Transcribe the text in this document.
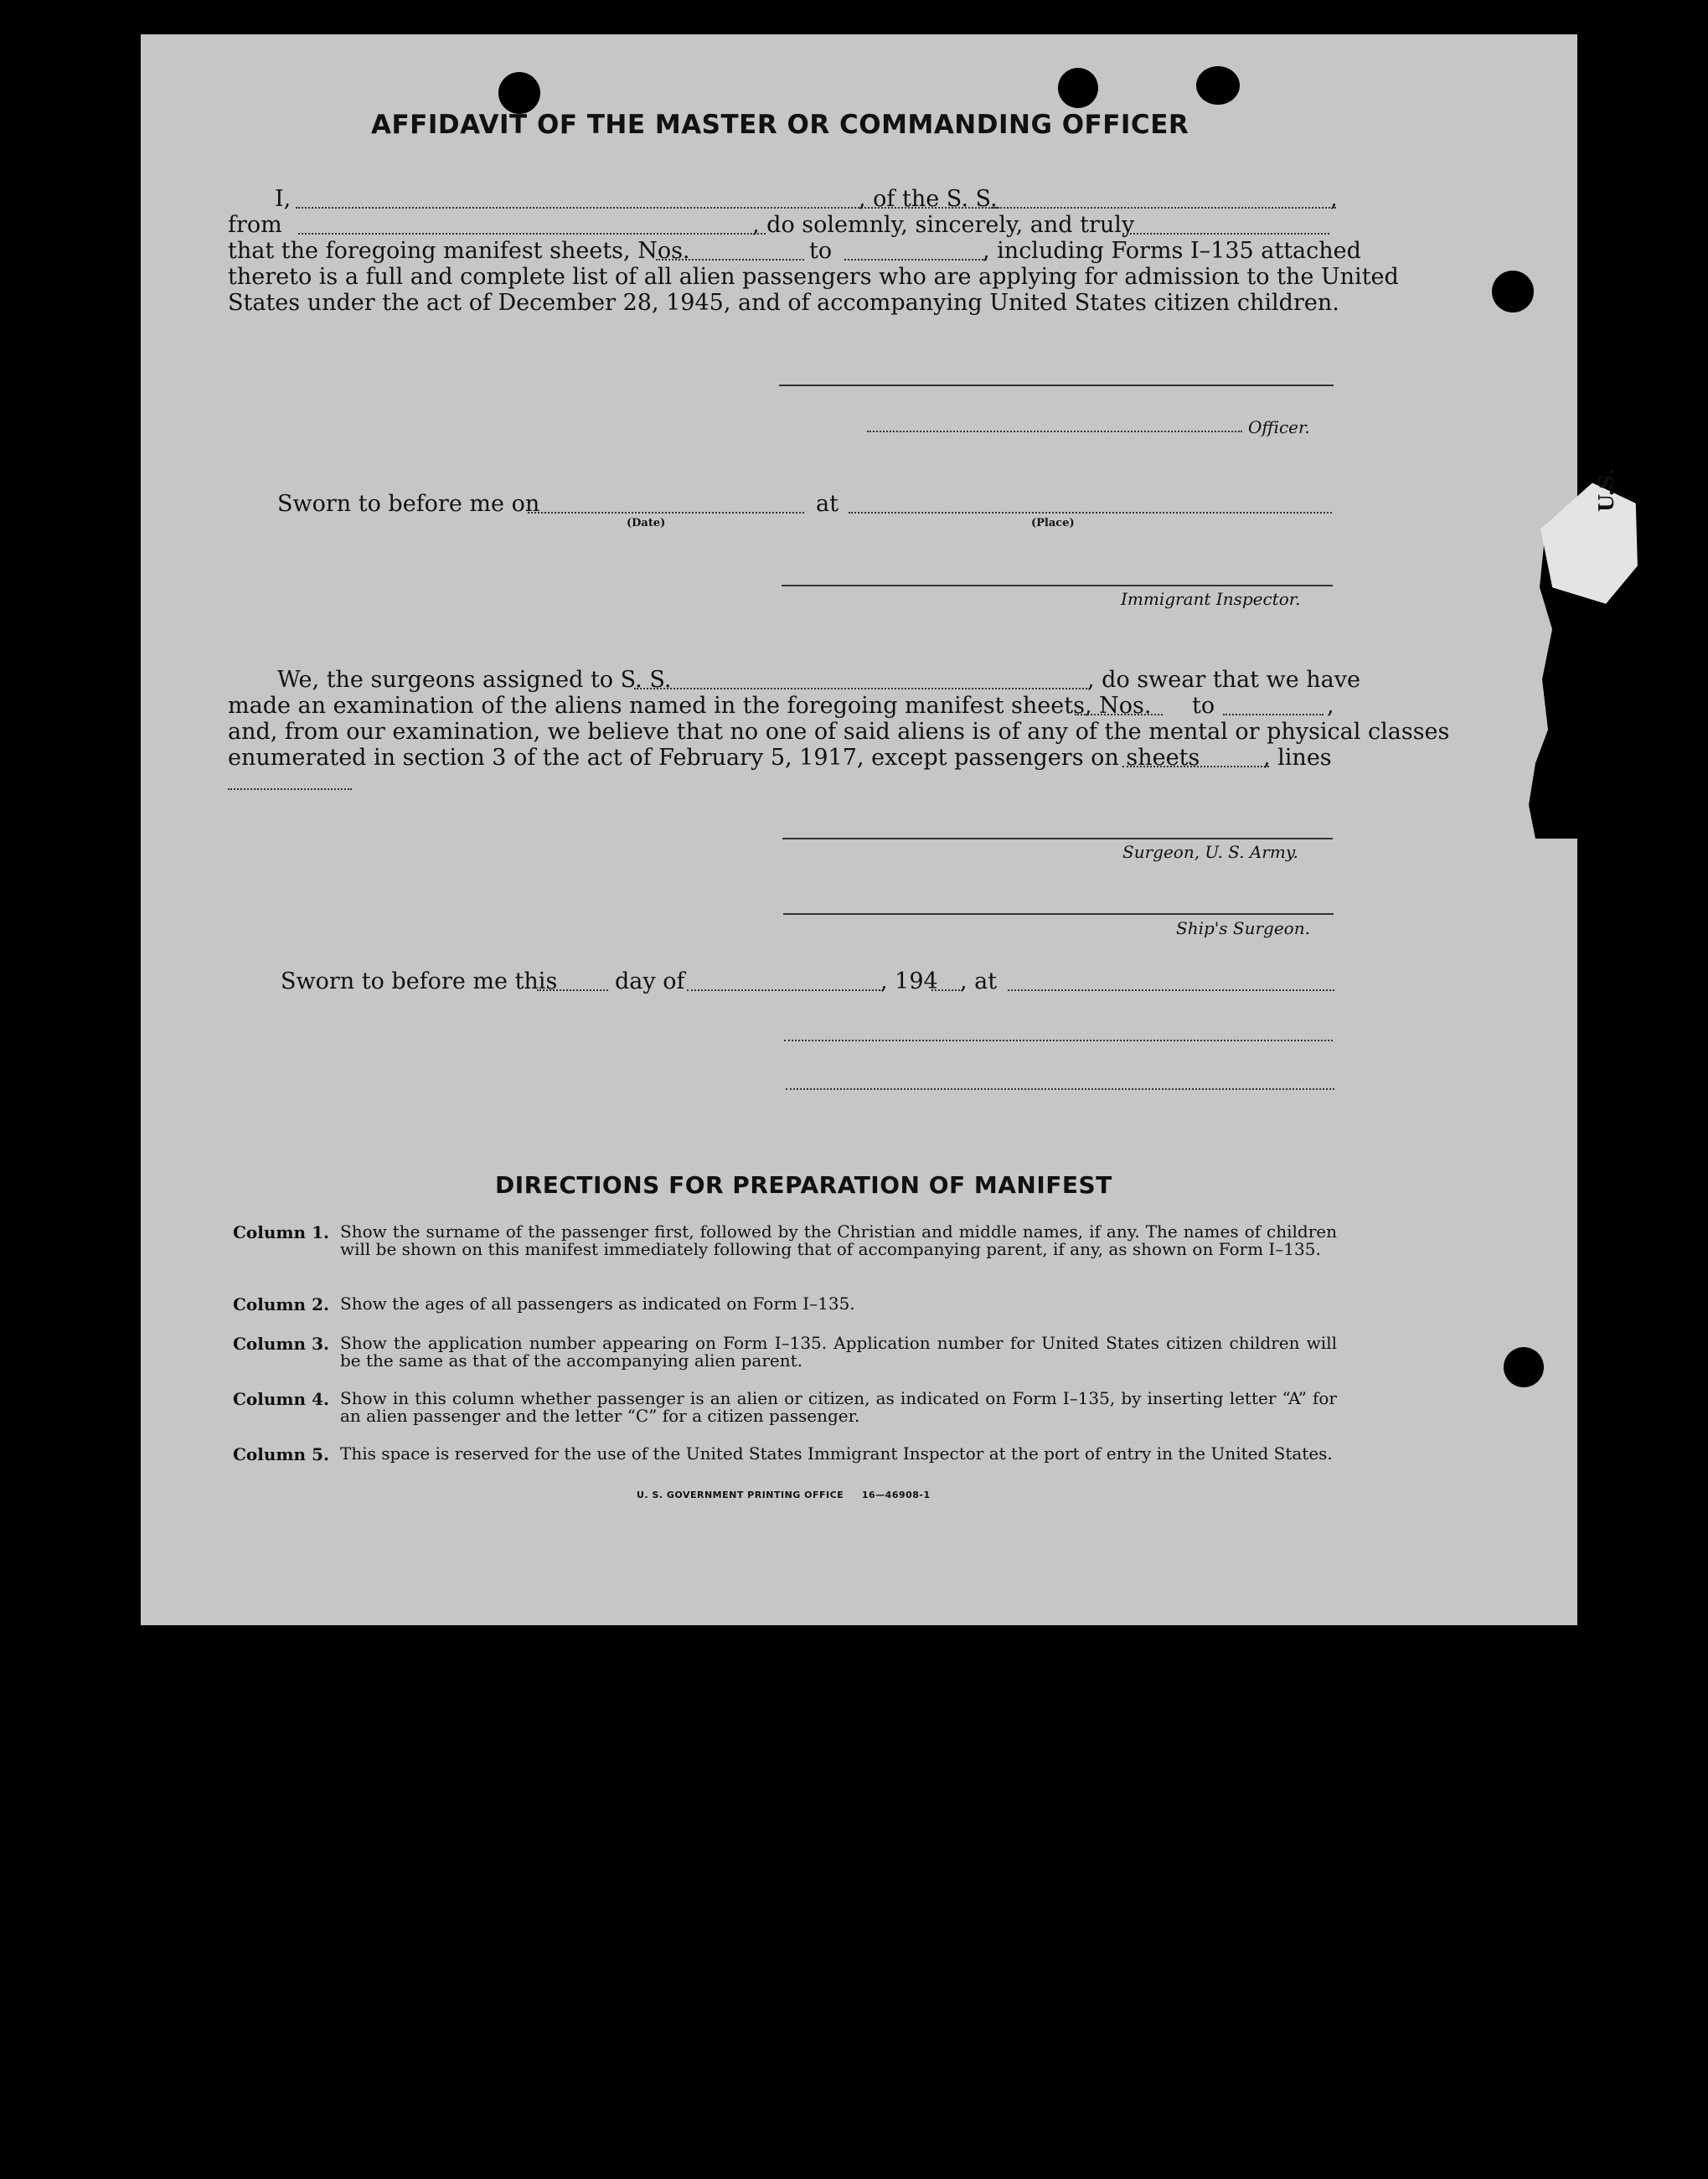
U.S.
AFFIDAVIT OF THE MASTER OR COMMANDING OFFICER
I,	, of the S. S.	,
from	, do solemnly, sincerely, and truly
that the foregoing manifest sheets, Nos.	to	, including Forms I–135 attached
thereto is a full and complete list of all alien passengers who are applying for admission to the United
States under the act of December 28, 1945, and of accompanying United States citizen children.
Officer.
Sworn to before me on
(Date)
at
(Place)
Immigrant Inspector.
We, the surgeons assigned to S. S.	, do swear that we have
made an examination of the aliens named in the foregoing manifest sheets, Nos. to	,
and, from our examination, we believe that no one of said aliens is of any of the mental or physical classes
enumerated in section 3 of the act of February 5, 1917, except passengers on sheets	, lines
Surgeon, U. S. Army.
Ship's Surgeon.
Sworn to before me this	day of	, 194 , at
DIRECTIONS FOR PREPARATION OF MANIFEST
Column 1. Show the surname of the passenger first, followed by the Christian and middle names, if any. The names of children will be shown on this manifest immediately following that of accompanying parent, if any, as shown on Form I–135.
Column 2. Show the ages of all passengers as indicated on Form I–135.
Column 3. Show the application number appearing on Form I–135. Application number for United States citizen children will be the same as that of the accompanying alien parent.
Column 4. Show in this column whether passenger is an alien or citizen, as indicated on Form I–135, by inserting letter “A” for an alien passenger and the letter “C” for a citizen passenger.
Column 5. This space is reserved for the use of the United States Immigrant Inspector at the port of entry in the United States.
U. S. GOVERNMENT PRINTING OFFICE     16—46908-1
